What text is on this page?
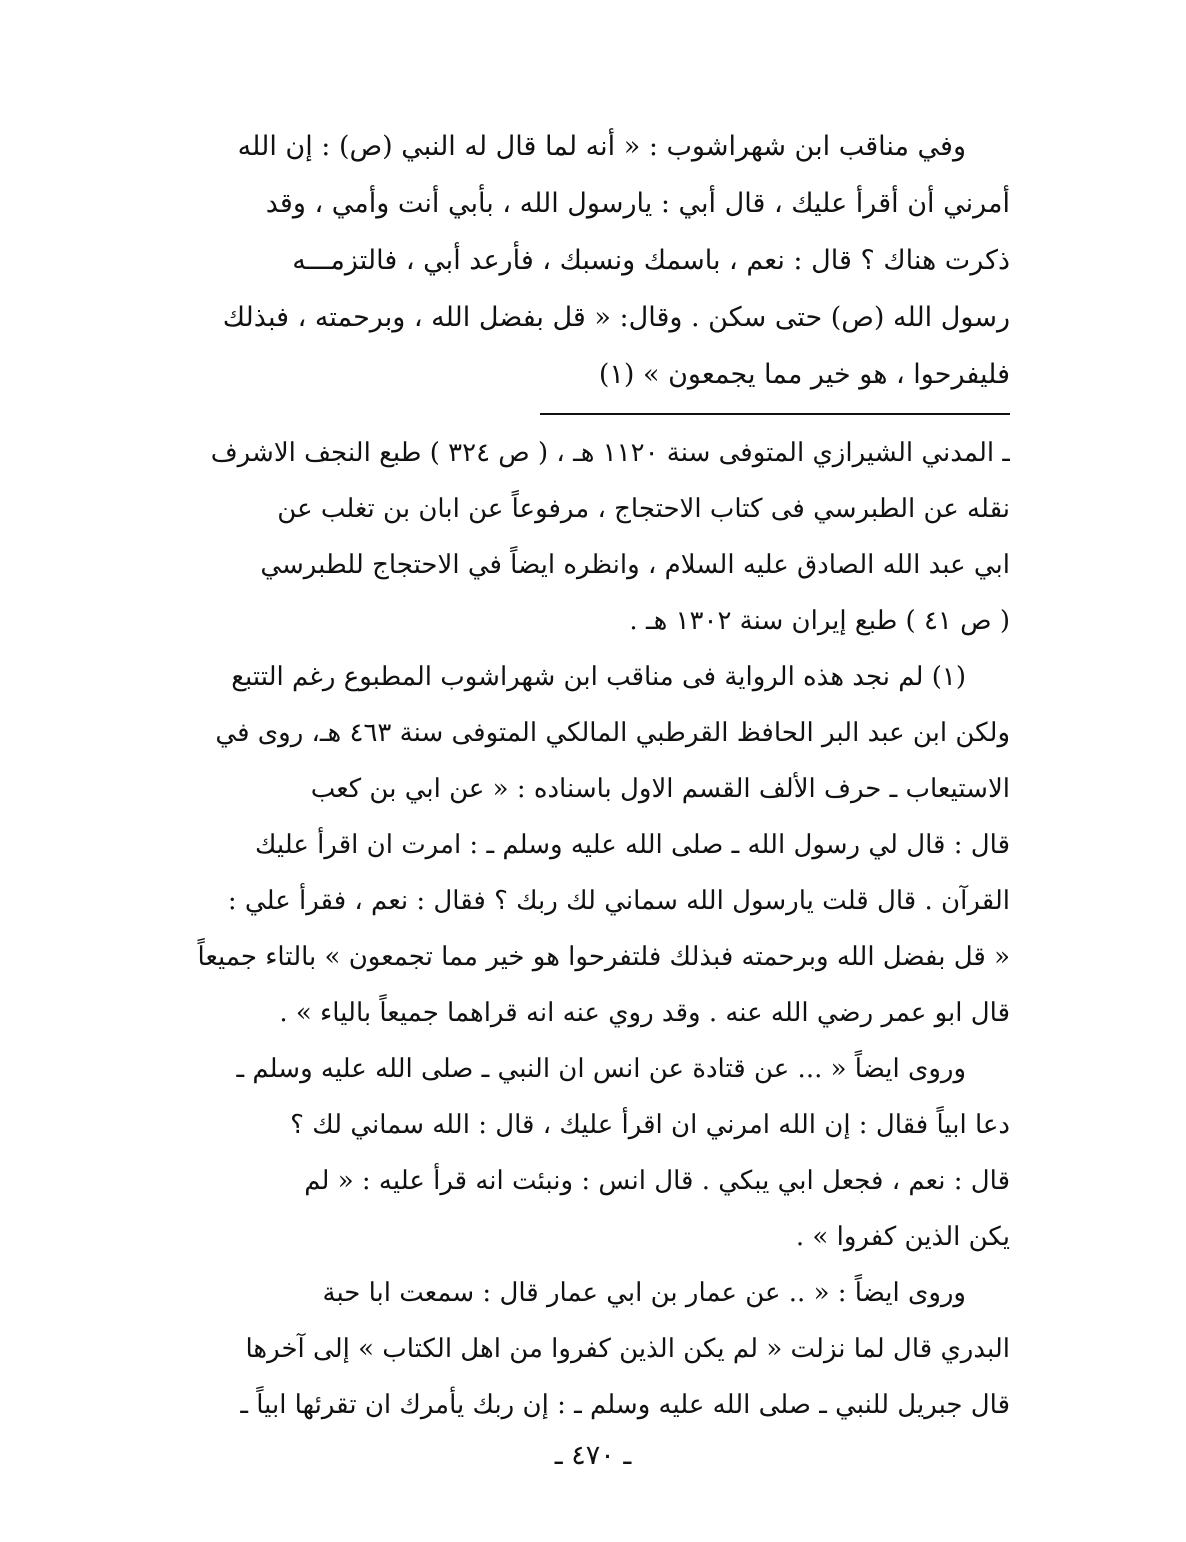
وفي مناقب ابن شهراشوب : « أنه لما قال له النبي (ص) : إن الله
أمرني أن أقرأ عليك ، قال أبي : يارسول الله ، بأبي أنت وأمي ، وقد
ذكرت هناك ؟ قال : نعم ، باسمك ونسبك ، فأرعد أبي ، فالتزمـــه
رسول الله (ص) حتى سكن . وقال: « قل بفضل الله ، وبرحمته ، فبذلك
فليفرحوا ، هو خير مما يجمعون » (١)
ـ المدني الشيرازي المتوفى سنة ١١٢٠ هـ ، ( ص ٣٢٤ ) طبع النجف الاشرف
نقله عن الطبرسي فى كتاب الاحتجاج ، مرفوعاً عن ابان بن تغلب عن
ابي عبد الله الصادق عليه السلام ، وانظره ايضاً في الاحتجاج للطبرسي
( ص ٤١ ) طبع إيران سنة ١٣٠٢ هـ .
(١) لم نجد هذه الرواية فى مناقب ابن شهراشوب المطبوع رغم التتبع
ولكن ابن عبد البر الحافظ القرطبي المالكي المتوفى سنة ٤٦٣ هـ، روى في
الاستيعاب ـ حرف الألف القسم الاول باسناده : « عن ابي بن كعب
قال : قال لي رسول الله ـ صلى الله عليه وسلم ـ : امرت ان اقرأ عليك
القرآن . قال قلت يارسول الله سماني لك ربك ؟ فقال : نعم ، فقرأ علي :
« قل بفضل الله وبرحمته فبذلك فلتفرحوا هو خير مما تجمعون » بالتاء جميعاً
قال ابو عمر رضي الله عنه . وقد روي عنه انه قراهما جميعاً بالياء » .
وروى ايضاً « ... عن قتادة عن انس ان النبي ـ صلى الله عليه وسلم ـ
دعا ابياً فقال : إن الله امرني ان اقرأ عليك ، قال : الله سماني لك ؟
قال : نعم ، فجعل ابي يبكي . قال انس : ونبئت انه قرأ عليه : « لم
يكن الذين كفروا » .
وروى ايضاً : « .. عن عمار بن ابي عمار قال : سمعت ابا حبة
البدري قال لما نزلت « لم يكن الذين كفروا من اهل الكتاب » إلى آخرها
قال جبريل للنبي ـ صلى الله عليه وسلم ـ : إن ربك يأمرك ان تقرئها ابياً ـ
ـ ٤٧٠ ـ
